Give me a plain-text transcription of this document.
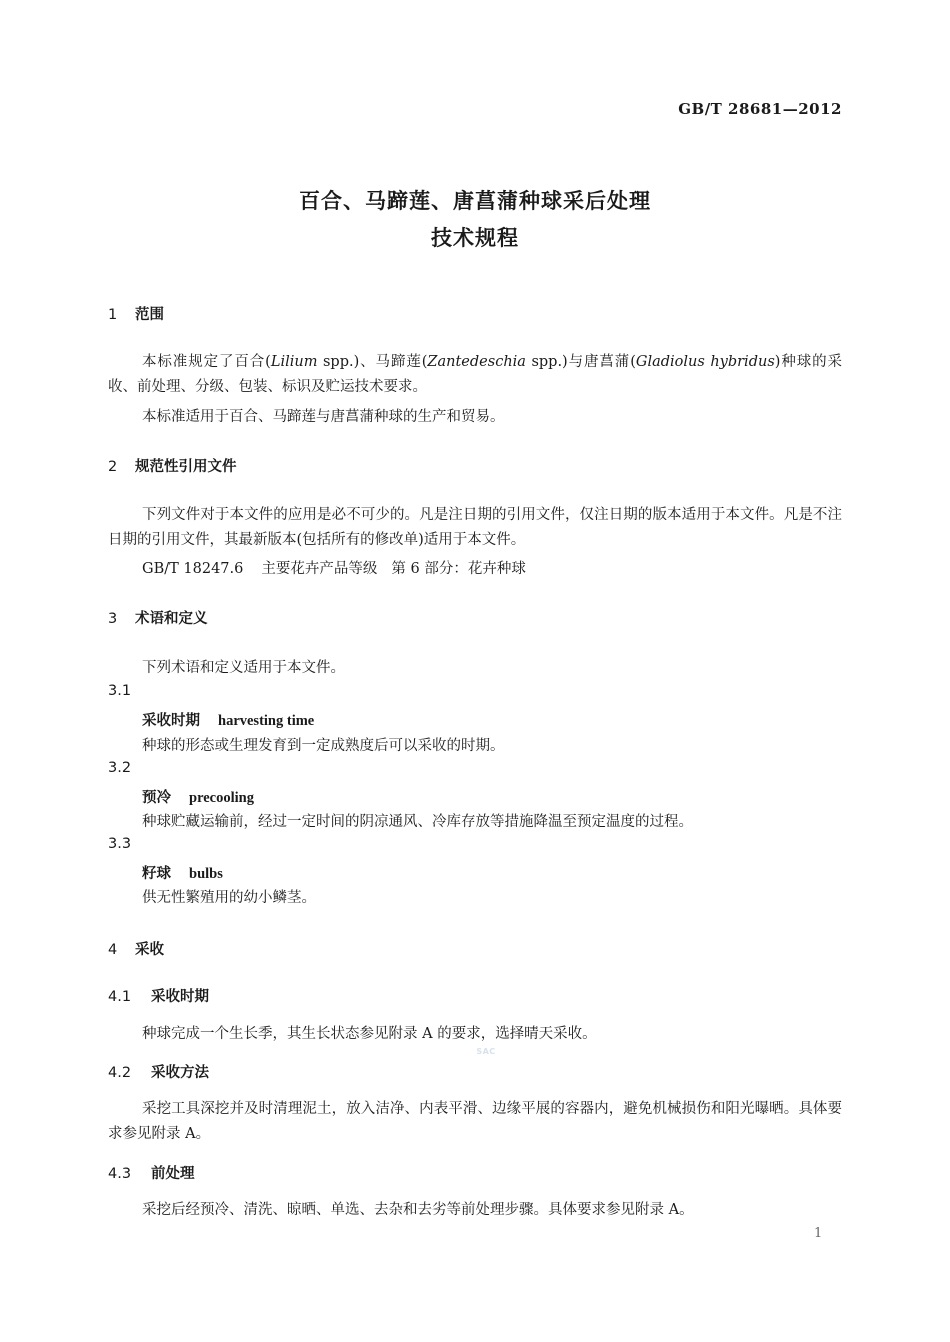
GB/T 28681—2012
百合、马蹄莲、唐菖蒲种球采后处理
技术规程
1 范围
本标准规定了百合(Lilium spp.)、马蹄莲(Zantedeschia spp.)与唐菖蒲(Gladiolus hybridus)种球的采收、前处理、分级、包装、标识及贮运技术要求。
本标准适用于百合、马蹄莲与唐菖蒲种球的生产和贸易。
2 规范性引用文件
下列文件对于本文件的应用是必不可少的。凡是注日期的引用文件，仅注日期的版本适用于本文件。凡是不注日期的引用文件，其最新版本(包括所有的修改单)适用于本文件。
GB/T 18247.6 主要花卉产品等级 第 6 部分：花卉种球
3 术语和定义
下列术语和定义适用于本文件。
3.1
采收时期 harvesting time
种球的形态或生理发育到一定成熟度后可以采收的时期。
3.2
预冷 precooling
种球贮藏运输前，经过一定时间的阴凉通风、冷库存放等措施降温至预定温度的过程。
3.3
籽球 bulbs
供无性繁殖用的幼小鳞茎。
4 采收
4.1 采收时期
种球完成一个生长季，其生长状态参见附录 A 的要求，选择晴天采收。
SAC
4.2 采收方法
采挖工具深挖并及时清理泥土，放入洁净、内表平滑、边缘平展的容器内，避免机械损伤和阳光曝晒。具体要求参见附录 A。
4.3 前处理
采挖后经预冷、清洗、晾晒、单选、去杂和去劣等前处理步骤。具体要求参见附录 A。
1
